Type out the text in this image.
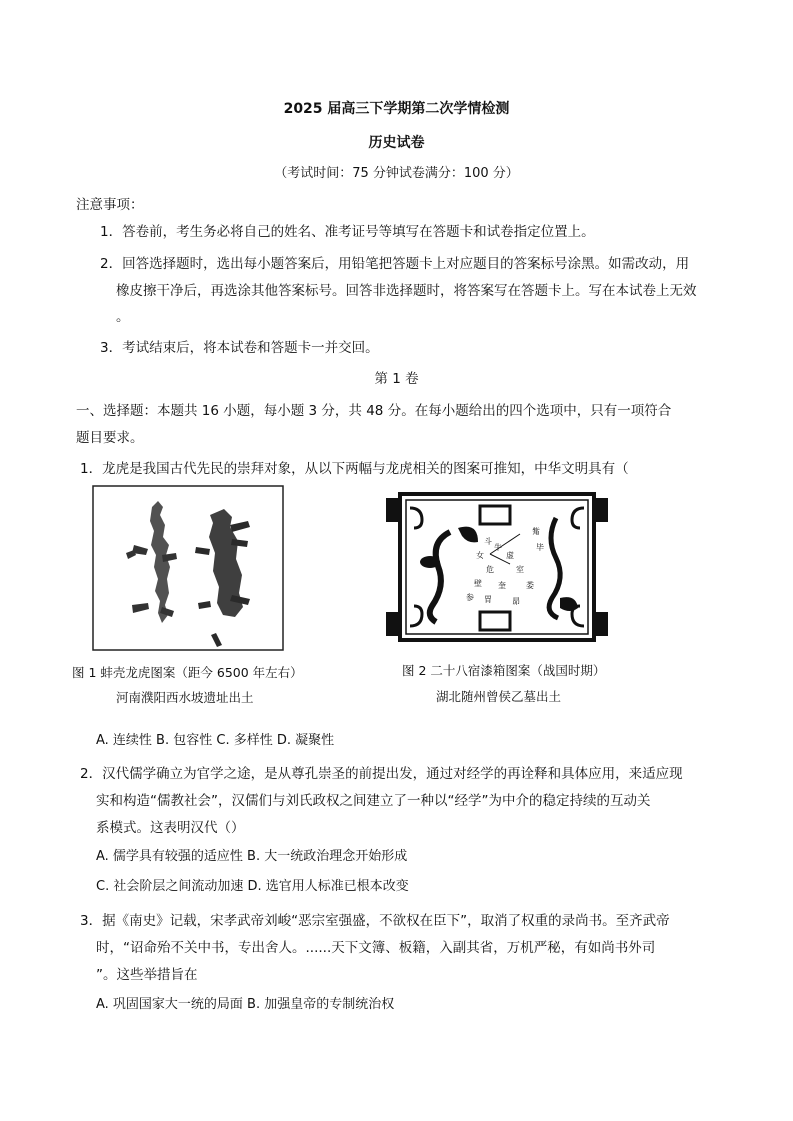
2025 届高三下学期第二次学情检测
历史试卷
（考试时间：75 分钟试卷满分：100 分）
注意事项：
1．答卷前，考生务必将自己的姓名、准考证号等填写在答题卡和试卷指定位置上。
2．回答选择题时，选出每小题答案后，用铅笔把答题卡上对应题目的答案标号涂黑。如需改动，用
橡皮擦干净后，再选涂其他答案标号。回答非选择题时，将答案写在答题卡上。写在本试卷上无效
。
3．考试结束后，将本试卷和答题卡一并交回。
第 1 卷
一、选择题：本题共 16 小题，每小题 3 分，共 48 分。在每小题给出的四个选项中，只有一项符合
题目要求。
1．龙虎是我国古代先民的崇拜对象，从以下两幅与龙虎相关的图案可推知，中华文明具有（
斗
牛
女	虚
危	室
壁 奎	娄
胃	昴
毕
觜
参
图 1 蚌壳龙虎图案（距今 6500 年左右）
河南濮阳西水坡遗址出土
图 2 二十八宿漆箱图案（战国时期）
湖北随州曾侯乙墓出土
A. 连续性 B. 包容性 C. 多样性 D. 凝聚性
2．汉代儒学确立为官学之途，是从尊孔崇圣的前提出发，通过对经学的再诠释和具体应用，来适应现
实和构造“儒教社会”，汉儒们与刘氏政权之间建立了一种以“经学”为中介的稳定持续的互动关
系模式。这表明汉代（）
A. 儒学具有较强的适应性 B. 大一统政治理念开始形成
C. 社会阶层之间流动加速 D. 选官用人标准已根本改变
3．据《南史》记载，宋孝武帝刘峻“恶宗室强盛，不欲权在臣下”，取消了权重的录尚书。至齐武帝
时，“诏命殆不关中书，专出舍人。......天下文簿、板籍，入副其省，万机严秘，有如尚书外司
”。这些举措旨在
A. 巩固国家大一统的局面 B. 加强皇帝的专制统治权
